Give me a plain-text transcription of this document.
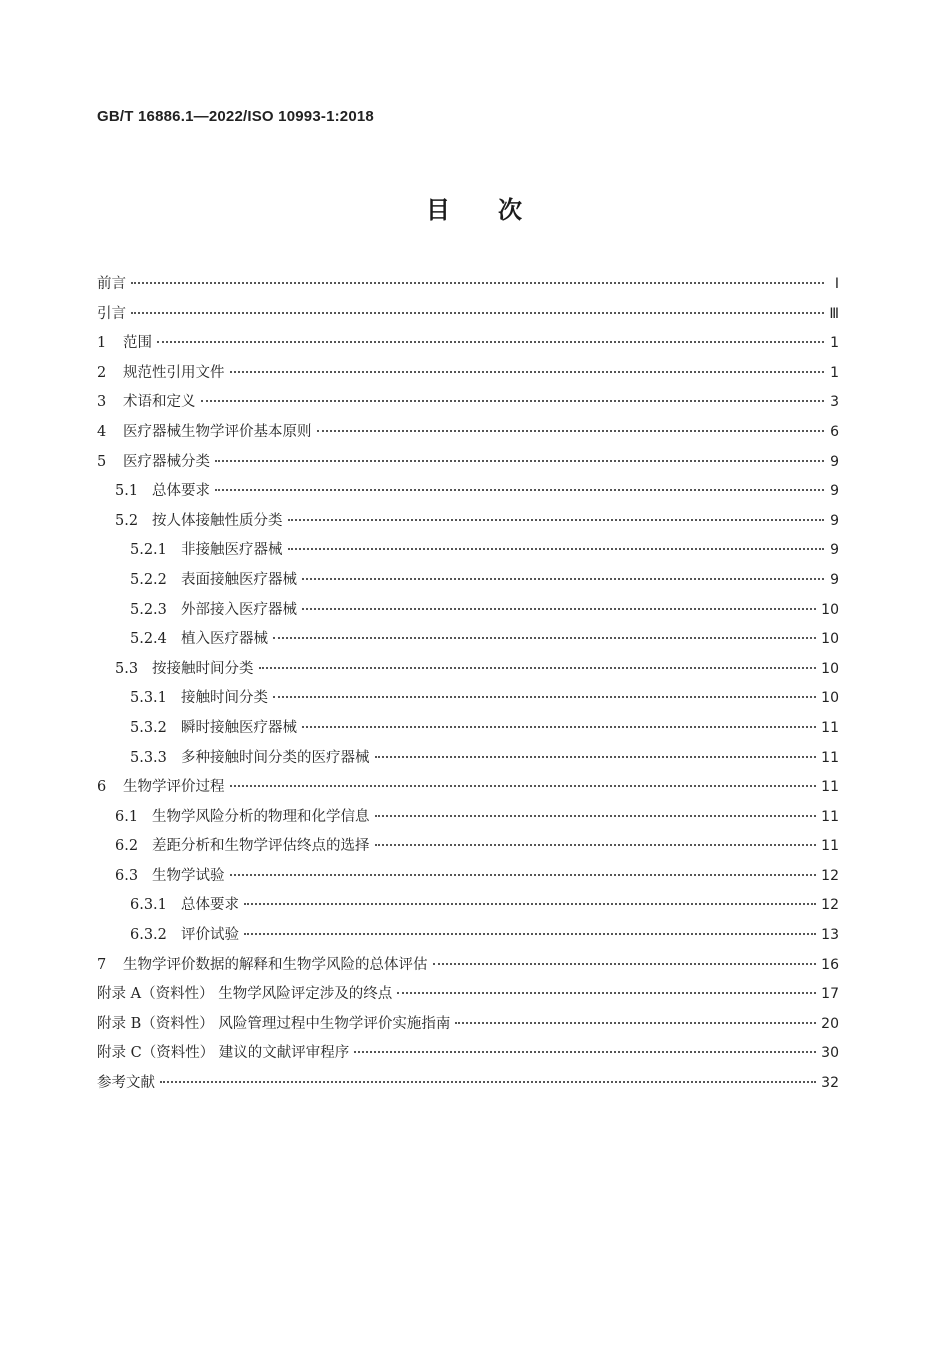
GB/T 16886.1—2022/ISO 10993-1:2018
目 次
前言	Ⅰ
引言	Ⅲ
1 范围	1
2 规范性引用文件	1
3 术语和定义	3
4 医疗器械生物学评价基本原则	6
5 医疗器械分类	9
5.1 总体要求	9
5.2 按人体接触性质分类	9
5.2.1 非接触医疗器械	9
5.2.2 表面接触医疗器械	9
5.2.3 外部接入医疗器械	10
5.2.4 植入医疗器械	10
5.3 按接触时间分类	10
5.3.1 接触时间分类	10
5.3.2 瞬时接触医疗器械	11
5.3.3 多种接触时间分类的医疗器械	11
6 生物学评价过程	11
6.1 生物学风险分析的物理和化学信息	11
6.2 差距分析和生物学评估终点的选择	11
6.3 生物学试验	12
6.3.1 总体要求	12
6.3.2 评价试验	13
7 生物学评价数据的解释和生物学风险的总体评估	16
附录 A（资料性） 生物学风险评定涉及的终点	17
附录 B（资料性） 风险管理过程中生物学评价实施指南	20
附录 C（资料性） 建议的文献评审程序	30
参考文献	32
